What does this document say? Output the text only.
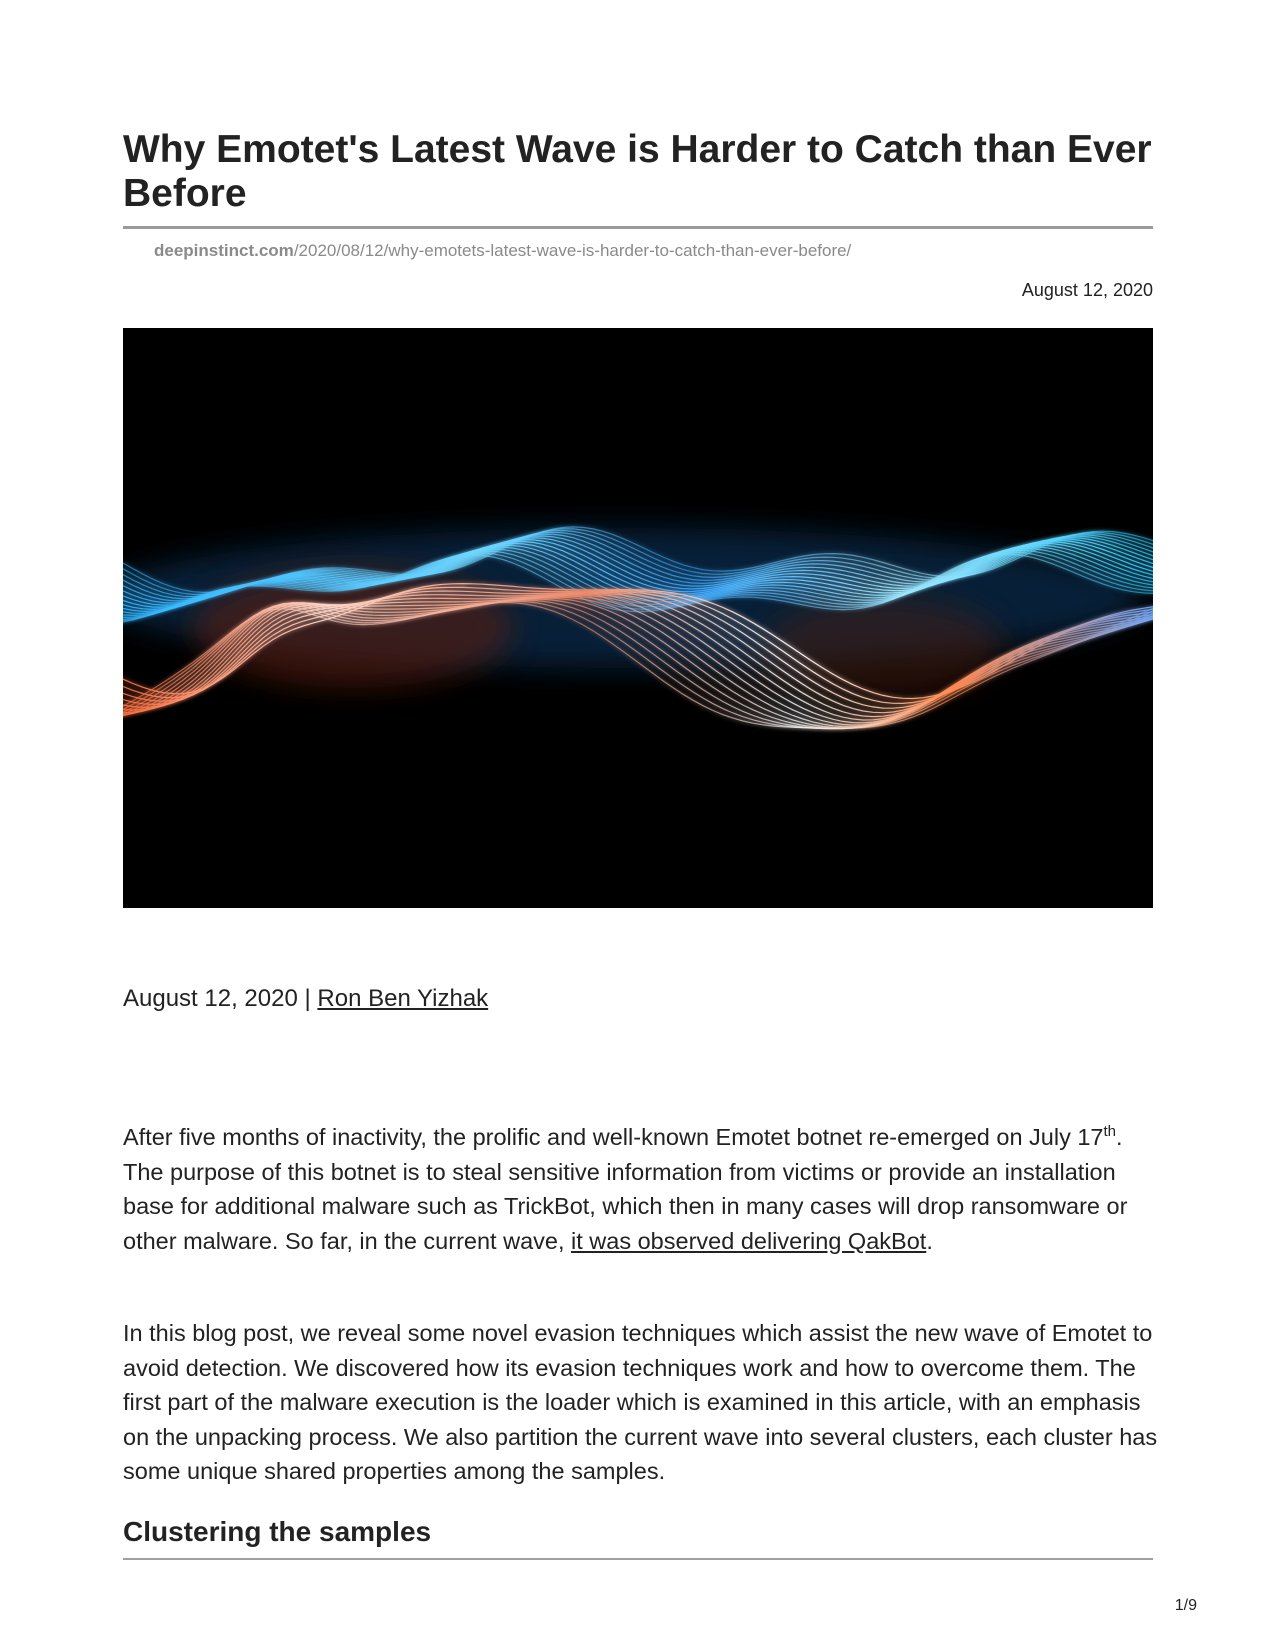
Why Emotet's Latest Wave is Harder to Catch than Ever Before
deepinstinct.com/2020/08/12/why-emotets-latest-wave-is-harder-to-catch-than-ever-before/
August 12, 2020
August 12, 2020 | Ron Ben Yizhak

After five months of inactivity, the prolific and well-known Emotet botnet re-emerged on July 17th. The purpose of this botnet is to steal sensitive information from victims or provide an installation base for additional malware such as TrickBot, which then in many cases will drop ransomware or other malware. So far, in the current wave, it was observed delivering QakBot.

In this blog post, we reveal some novel evasion techniques which assist the new wave of Emotet to avoid detection. We discovered how its evasion techniques work and how to overcome them. The first part of the malware execution is the loader which is examined in this article, with an emphasis on the unpacking process. We also partition the current wave into several clusters, each cluster has some unique shared properties among the samples.

Clustering the samples
1/9
